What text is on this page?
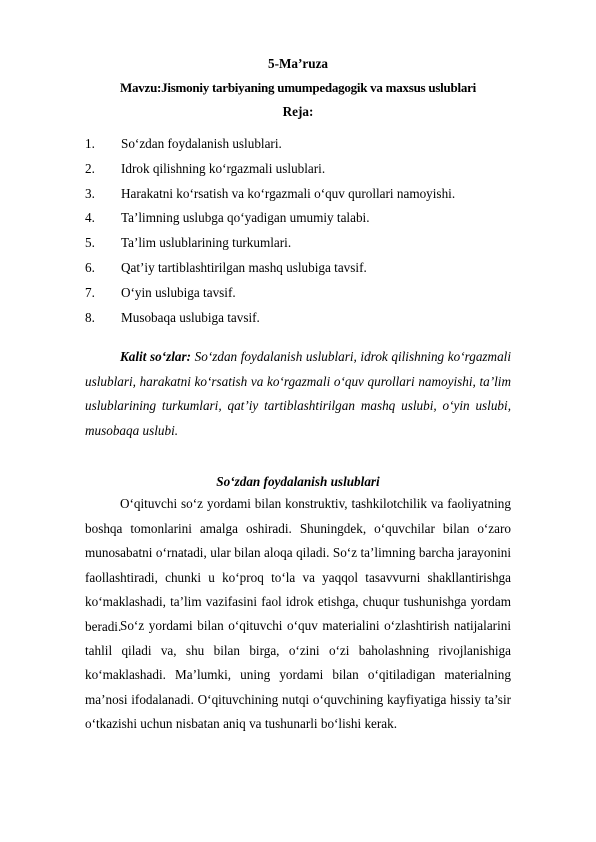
5-Ma’ruza
Mavzu:Jismoniy tarbiyaning umumpedagogik va maxsus uslublari
Reja:
1. So‘zdan foydalanish uslublari.
2. Idrok qilishning ko‘rgazmali uslublari.
3. Harakatni ko‘rsatish va ko‘rgazmali o‘quv qurollari namoyishi.
4. Ta’limning uslubga qo‘yadigan umumiy talabi.
5. Ta’lim uslublarining turkumlari.
6. Qat’iy tartiblashtirilgan mashq uslubiga tavsif.
7. O‘yin uslubiga tavsif.
8. Musobaqa uslubiga tavsif.

Kalit so‘zlar: So‘zdan foydalanish uslublari, idrok qilishning ko‘rgazmali uslublari, harakatni ko‘rsatish va ko‘rgazmali o‘quv qurollari namoyishi, ta’lim uslublarining turkumlari, qat’iy tartiblashtirilgan mashq uslubi, o‘yin uslubi, musobaqa uslubi.

So‘zdan foydalanish uslublari

O‘qituvchi so‘z yordami bilan konstruktiv, tashkilotchilik va faoliyatning boshqa tomonlarini amalga oshiradi. Shuningdek, o‘quvchilar bilan o‘zaro munosabatni o‘rnatadi, ular bilan aloqa qiladi. So‘z ta’limning barcha jarayonini faollashtiradi, chunki u ko‘proq to‘la va yaqqol tasavvurni shakllantirishga ko‘maklashadi, ta’lim vazifasini faol idrok etishga, chuqur tushunishga yordam beradi.

So‘z yordami bilan o‘qituvchi o‘quv materialini o‘zlashtirish natijalarini tahlil qiladi va, shu bilan birga, o‘zini o‘zi baholashning rivojlanishiga ko‘maklashadi. Ma’lumki, uning yordami bilan o‘qitiladigan materialning ma’nosi ifodalanadi. O‘qituvchining nutqi o‘quvchining kayfiyatiga hissiy ta’sir o‘tkazishi uchun nisbatan aniq va tushunarli bo‘lishi kerak.
